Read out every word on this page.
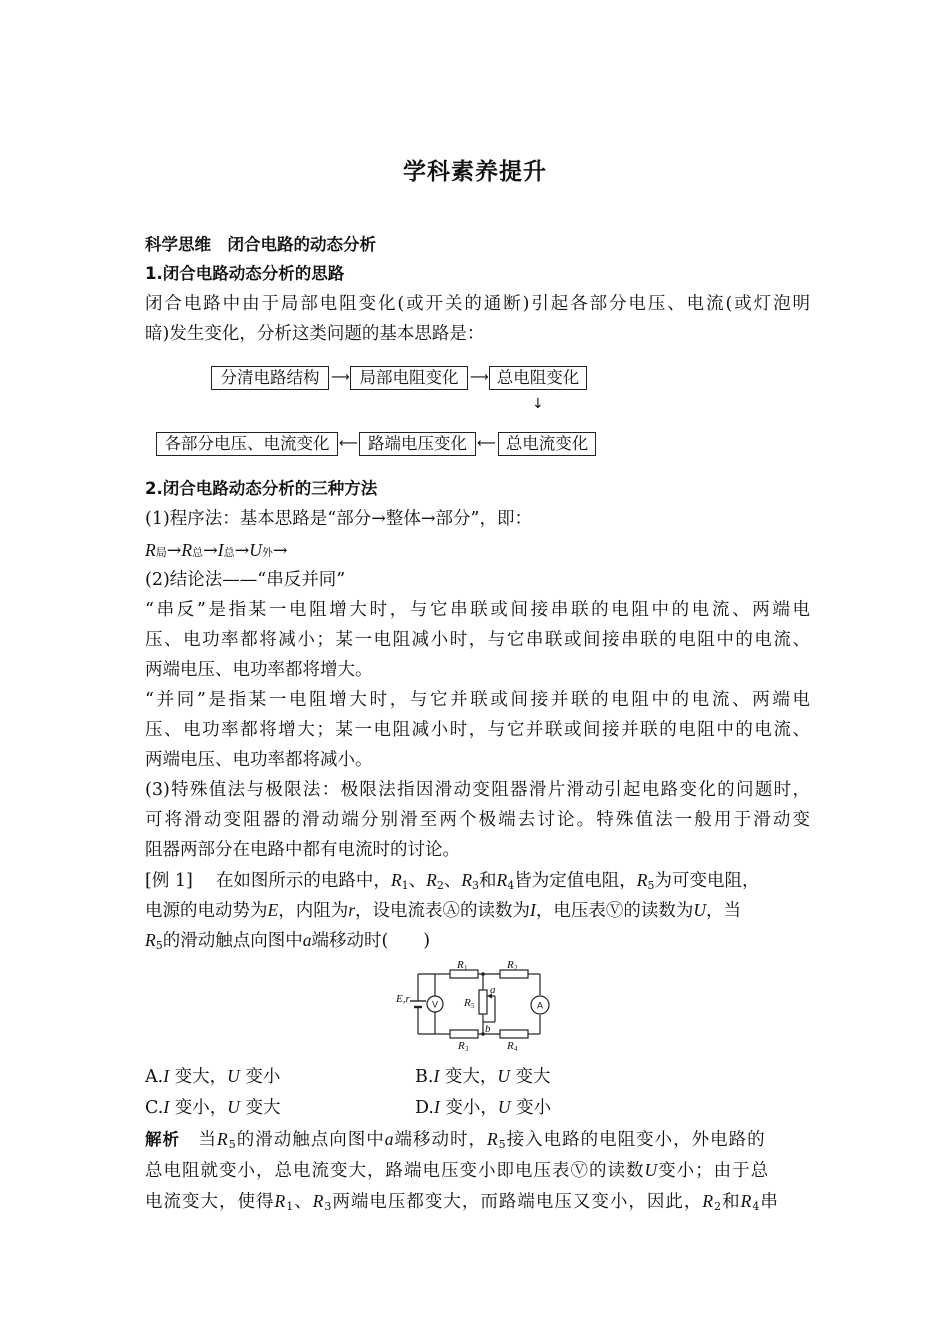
学科素养提升
科学思维　闭合电路的动态分析
1.闭合电路动态分析的思路
闭合电路中由于局部电阻变化(或开关的通断)引起各部分电压、电流(或灯泡明
暗)发生变化，分析这类问题的基本思路是：
分清电路结构 ⟶ 局部电阻变化 ⟶ 总电阻变化
↓
总电流变化
⟵
路端电压变化
⟵
各部分电压、电流变化
2.闭合电路动态分析的三种方法
(1)程序法：基本思路是“部分→整体→部分”，即：
R局→R总→I总→U外→
(2)结论法——“串反并同”
“串反”是指某一电阻增大时，与它串联或间接串联的电阻中的电流、两端电
压、电功率都将减小；某一电阻减小时，与它串联或间接串联的电阻中的电流、
两端电压、电功率都将增大。
“并同”是指某一电阻增大时，与它并联或间接并联的电阻中的电流、两端电
压、电功率都将增大；某一电阻减小时，与它并联或间接并联的电阻中的电流、
两端电压、电功率都将减小。
(3)特殊值法与极限法：极限法指因滑动变阻器滑片滑动引起电路变化的问题时，
可将滑动变阻器的滑动端分别滑至两个极端去讨论。特殊值法一般用于滑动变
阻器两部分在电路中都有电流时的讨论。
[例 1]　 在如图所示的电路中，$R_1$、$R_2$、$R_3$和$R_4$皆为定值电阻，$R_5$为可变电阻，
电源的电动势为E，内阻为r，设电流表Ⓐ的读数为I，电压表Ⓥ的读数为U，当
$R_5$的滑动触点向图中a端移动时(　　)
E,r
R	R
R	R
R
a
b
1	2
3	4
5
V	A
A.I 变大，U 变小	B.I 变大，U 变大
C.I 变小，U 变大	D.I 变小，U 变小
解析　当$R_5$的滑动触点向图中a端移动时，$R_5$接入电路的电阻变小，外电路的
总电阻就变小，总电流变大，路端电压变小即电压表Ⓥ的读数U变小；由于总
电流变大，使得$R_1$、$R_3$两端电压都变大，而路端电压又变小，因此，$R_2$和$R_4$串
